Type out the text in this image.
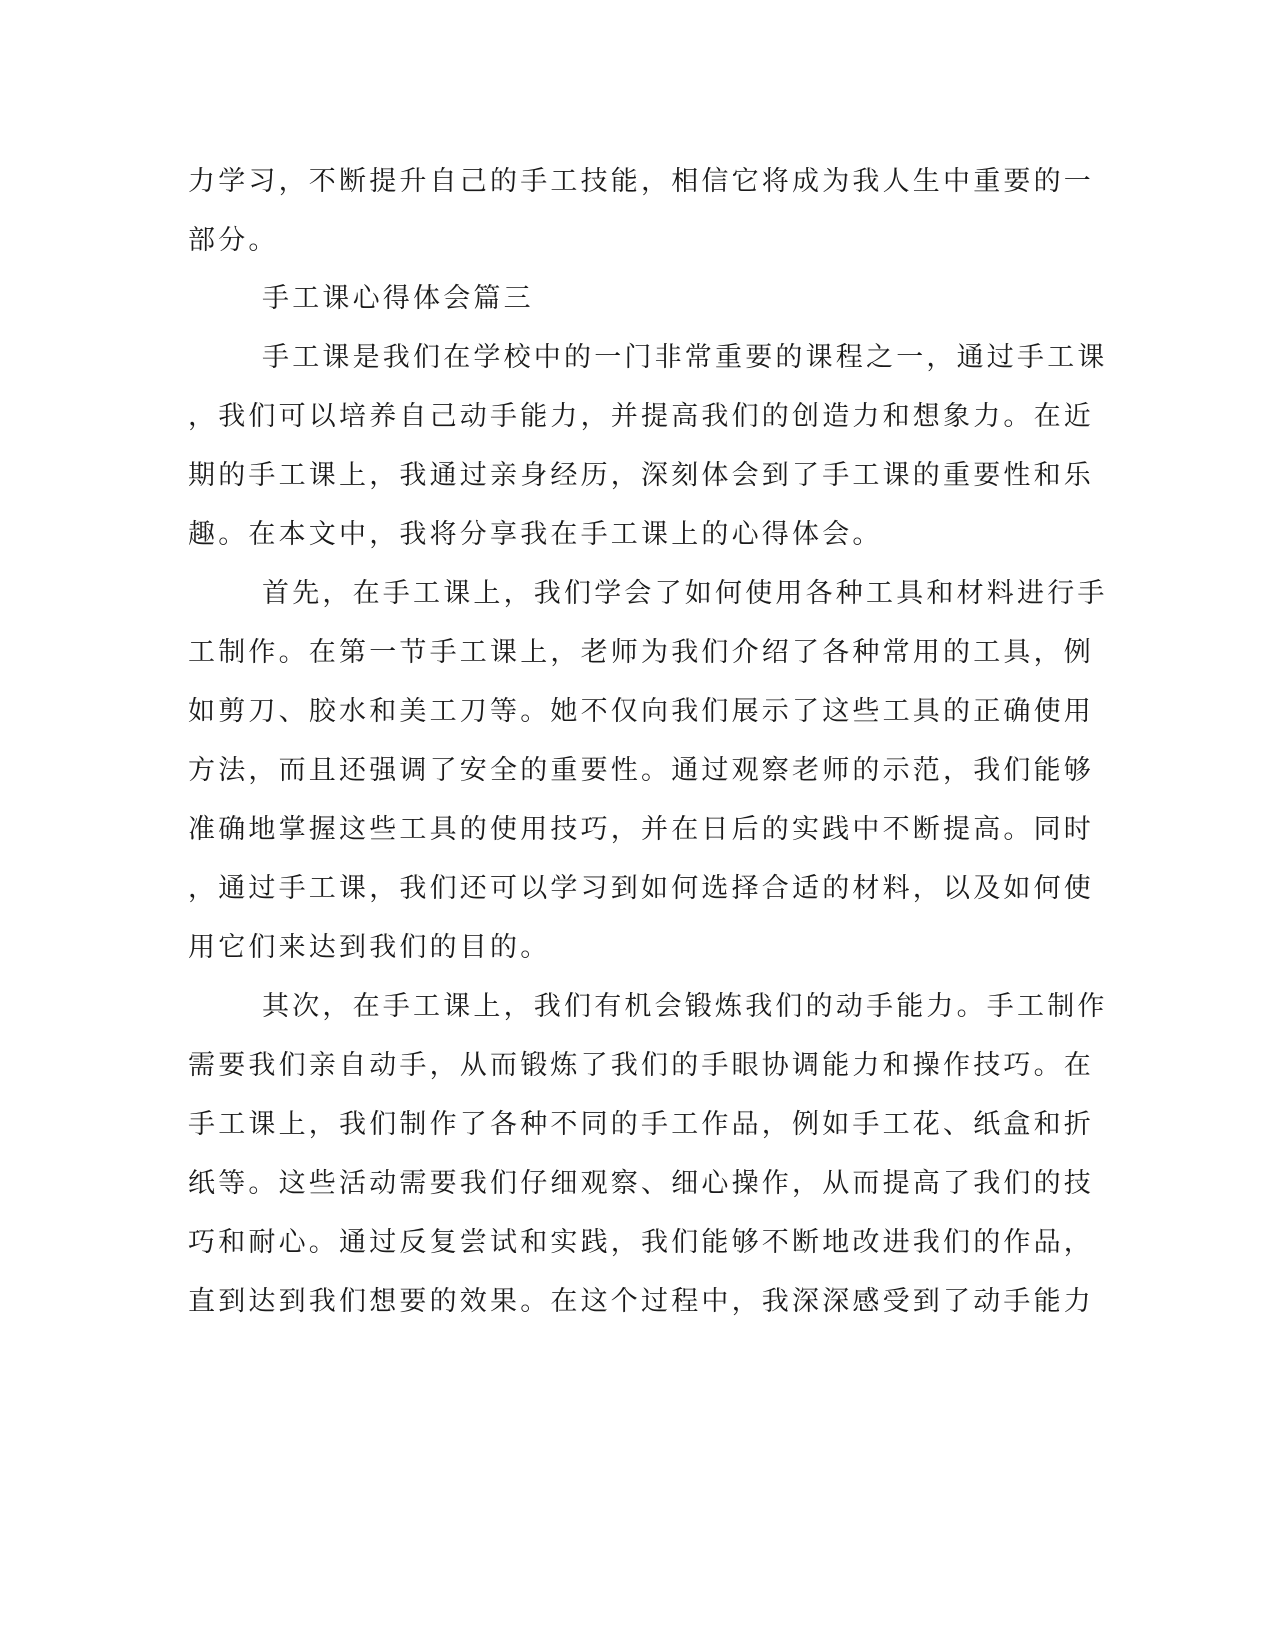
力学习，不断提升自己的手工技能，相信它将成为我人生中重要的一
部分。
手工课心得体会篇三
手工课是我们在学校中的一门非常重要的课程之一，通过手工课
，我们可以培养自己动手能力，并提高我们的创造力和想象力。在近
期的手工课上，我通过亲身经历，深刻体会到了手工课的重要性和乐
趣。在本文中，我将分享我在手工课上的心得体会。
首先，在手工课上，我们学会了如何使用各种工具和材料进行手
工制作。在第一节手工课上，老师为我们介绍了各种常用的工具，例
如剪刀、胶水和美工刀等。她不仅向我们展示了这些工具的正确使用
方法，而且还强调了安全的重要性。通过观察老师的示范，我们能够
准确地掌握这些工具的使用技巧，并在日后的实践中不断提高。同时
，通过手工课，我们还可以学习到如何选择合适的材料，以及如何使
用它们来达到我们的目的。
其次，在手工课上，我们有机会锻炼我们的动手能力。手工制作
需要我们亲自动手，从而锻炼了我们的手眼协调能力和操作技巧。在
手工课上，我们制作了各种不同的手工作品，例如手工花、纸盒和折
纸等。这些活动需要我们仔细观察、细心操作，从而提高了我们的技
巧和耐心。通过反复尝试和实践，我们能够不断地改进我们的作品，
直到达到我们想要的效果。在这个过程中，我深深感受到了动手能力
